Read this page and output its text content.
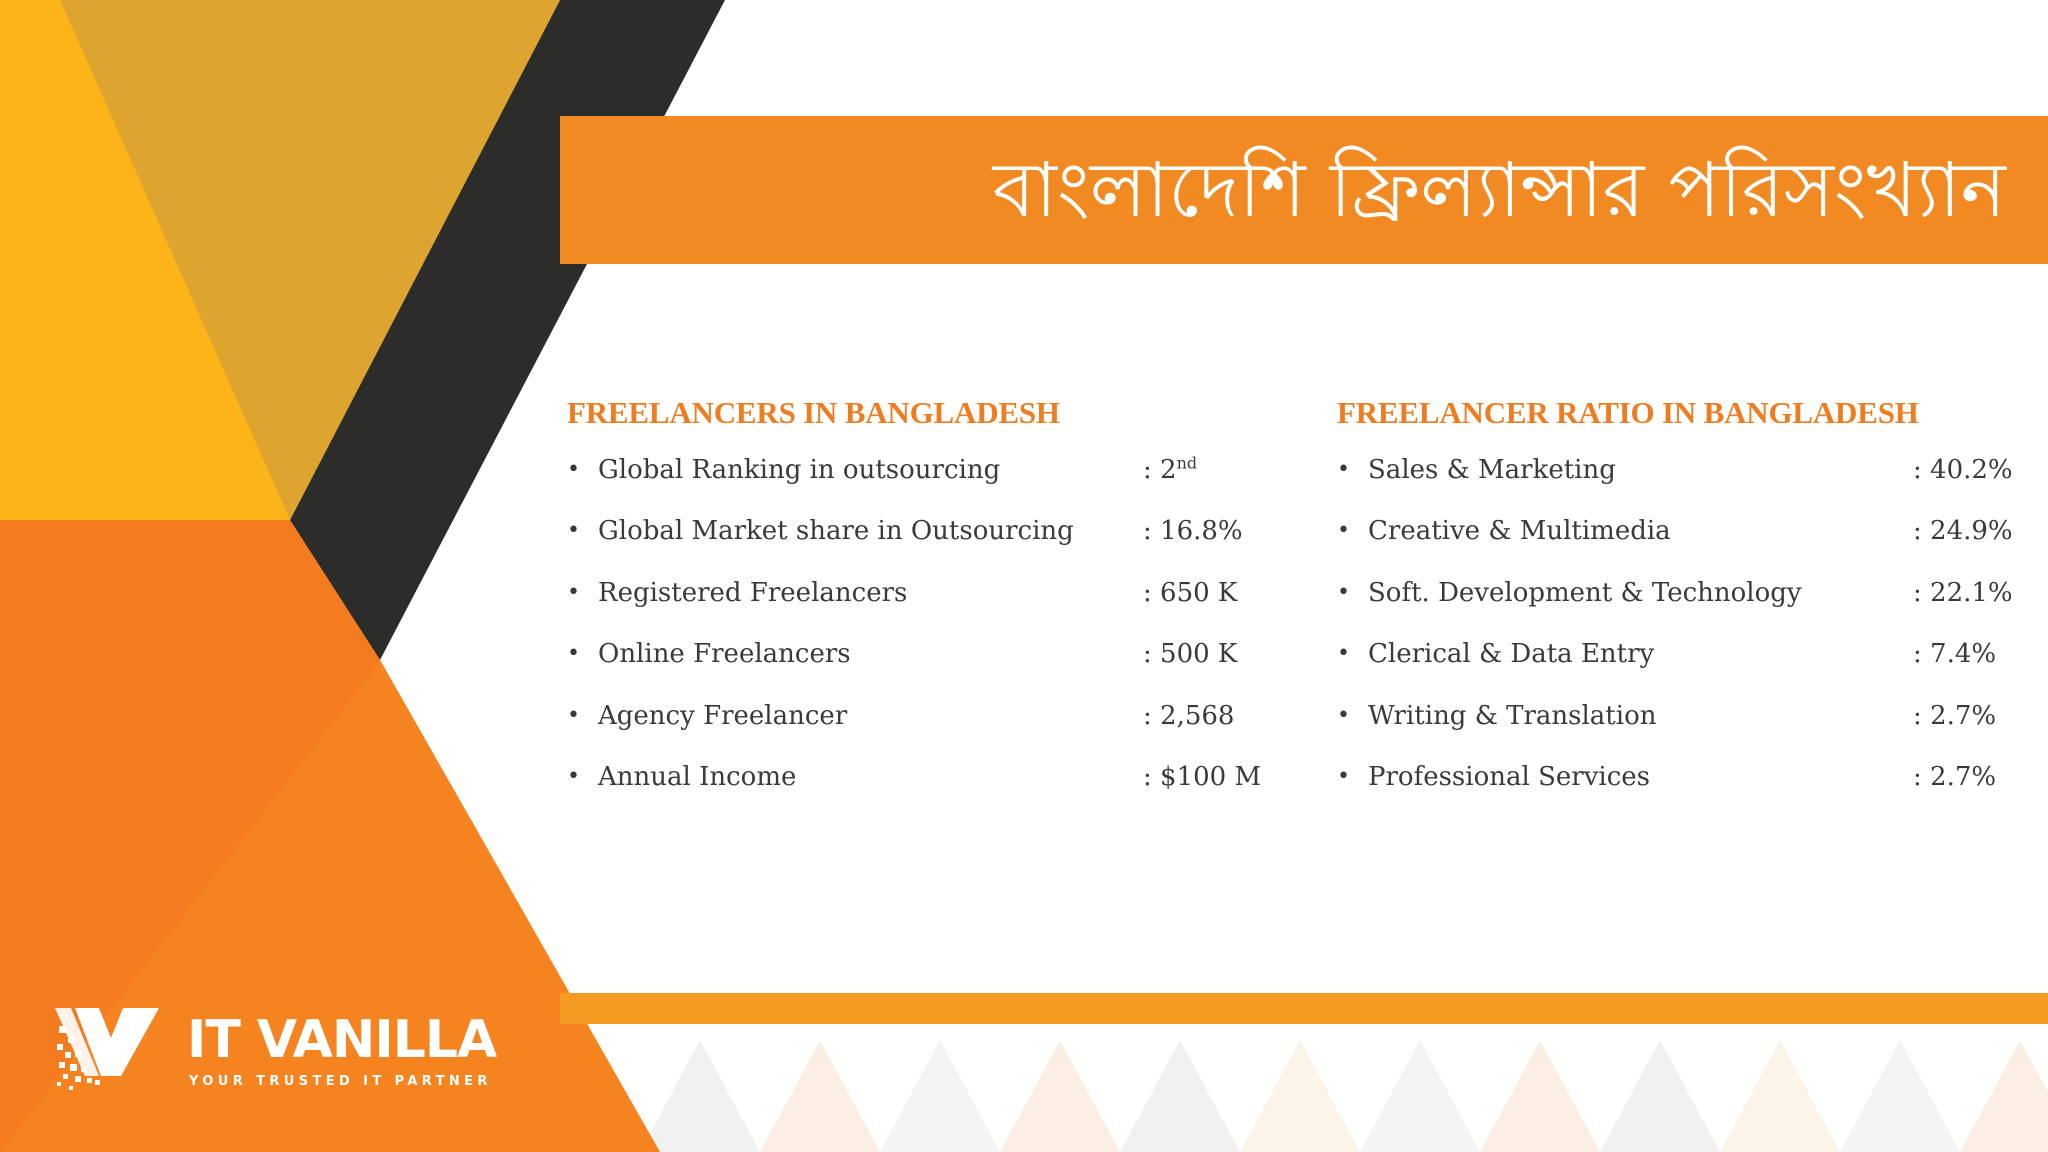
বাংলাদেশি ফ্রিল্যান্সার পরিসংখ্যান
FREELANCERS IN BANGLADESH
• Global Ranking in outsourcing	: 2nd
• Global Market share in Outsourcing	: 16.8%
• Registered Freelancers	: 650 K
• Online Freelancers	: 500 K
• Agency Freelancer	: 2,568
• Annual Income	: $100 M
FREELANCER RATIO IN BANGLADESH
• Sales & Marketing	: 40.2%
• Creative & Multimedia	: 24.9%
• Soft. Development & Technology	: 22.1%
• Clerical & Data Entry	: 7.4%
• Writing & Translation	: 2.7%
• Professional Services	: 2.7%
IT VANILLA
YOUR TRUSTED IT PARTNER
